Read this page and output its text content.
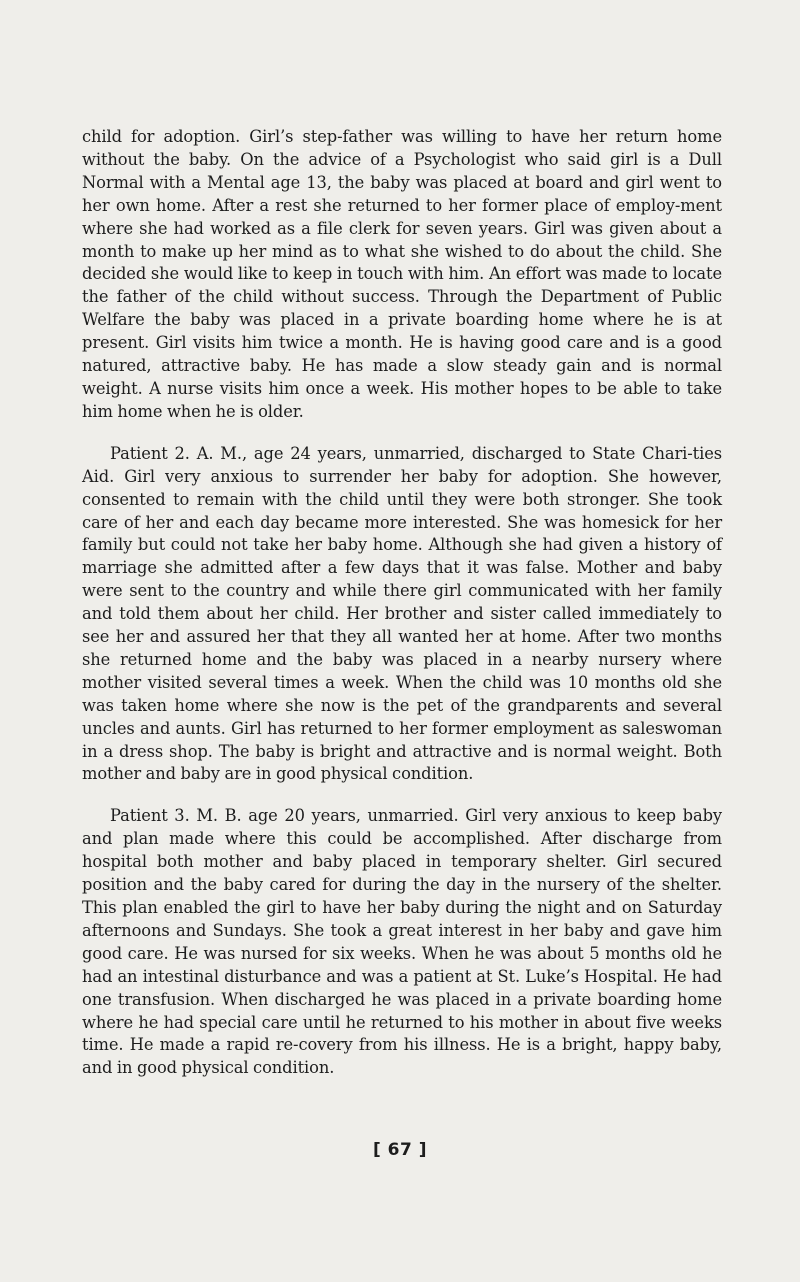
child for adoption. Girl’s step-father was willing to have her return home without the baby. On the advice of a Psychologist who said girl is a Dull Normal with a Mental age 13, the baby was placed at board and girl went to her own home. After a rest she returned to her former place of employ-ment where she had worked as a file clerk for seven years. Girl was given about a month to make up her mind as to what she wished to do about the child. She decided she would like to keep in touch with him. An effort was made to locate the father of the child without success. Through the Department of Public Welfare the baby was placed in a private boarding home where he is at present. Girl visits him twice a month. He is having good care and is a good natured, attractive baby. He has made a slow steady gain and is normal weight. A nurse visits him once a week. His mother hopes to be able to take him home when he is older.

Patient 2. A. M., age 24 years, unmarried, discharged to State Chari-ties Aid. Girl very anxious to surrender her baby for adoption. She however, consented to remain with the child until they were both stronger. She took care of her and each day became more interested. She was homesick for her family but could not take her baby home. Although she had given a history of marriage she admitted after a few days that it was false. Mother and baby were sent to the country and while there girl communicated with her family and told them about her child. Her brother and sister called immediately to see her and assured her that they all wanted her at home. After two months she returned home and the baby was placed in a nearby nursery where mother visited several times a week. When the child was 10 months old she was taken home where she now is the pet of the grandparents and several uncles and aunts. Girl has returned to her former employment as saleswoman in a dress shop. The baby is bright and attractive and is normal weight. Both mother and baby are in good physical condition.

Patient 3. M. B. age 20 years, unmarried. Girl very anxious to keep baby and plan made where this could be accomplished. After discharge from hospital both mother and baby placed in temporary shelter. Girl secured position and the baby cared for during the day in the nursery of the shelter. This plan enabled the girl to have her baby during the night and on Saturday afternoons and Sundays. She took a great interest in her baby and gave him good care. He was nursed for six weeks. When he was about 5 months old he had an intestinal disturbance and was a patient at St. Luke’s Hospital. He had one transfusion. When discharged he was placed in a private boarding home where he had special care until he returned to his mother in about five weeks time. He made a rapid re-covery from his illness. He is a bright, happy baby, and in good physical condition.

[ 67 ]
